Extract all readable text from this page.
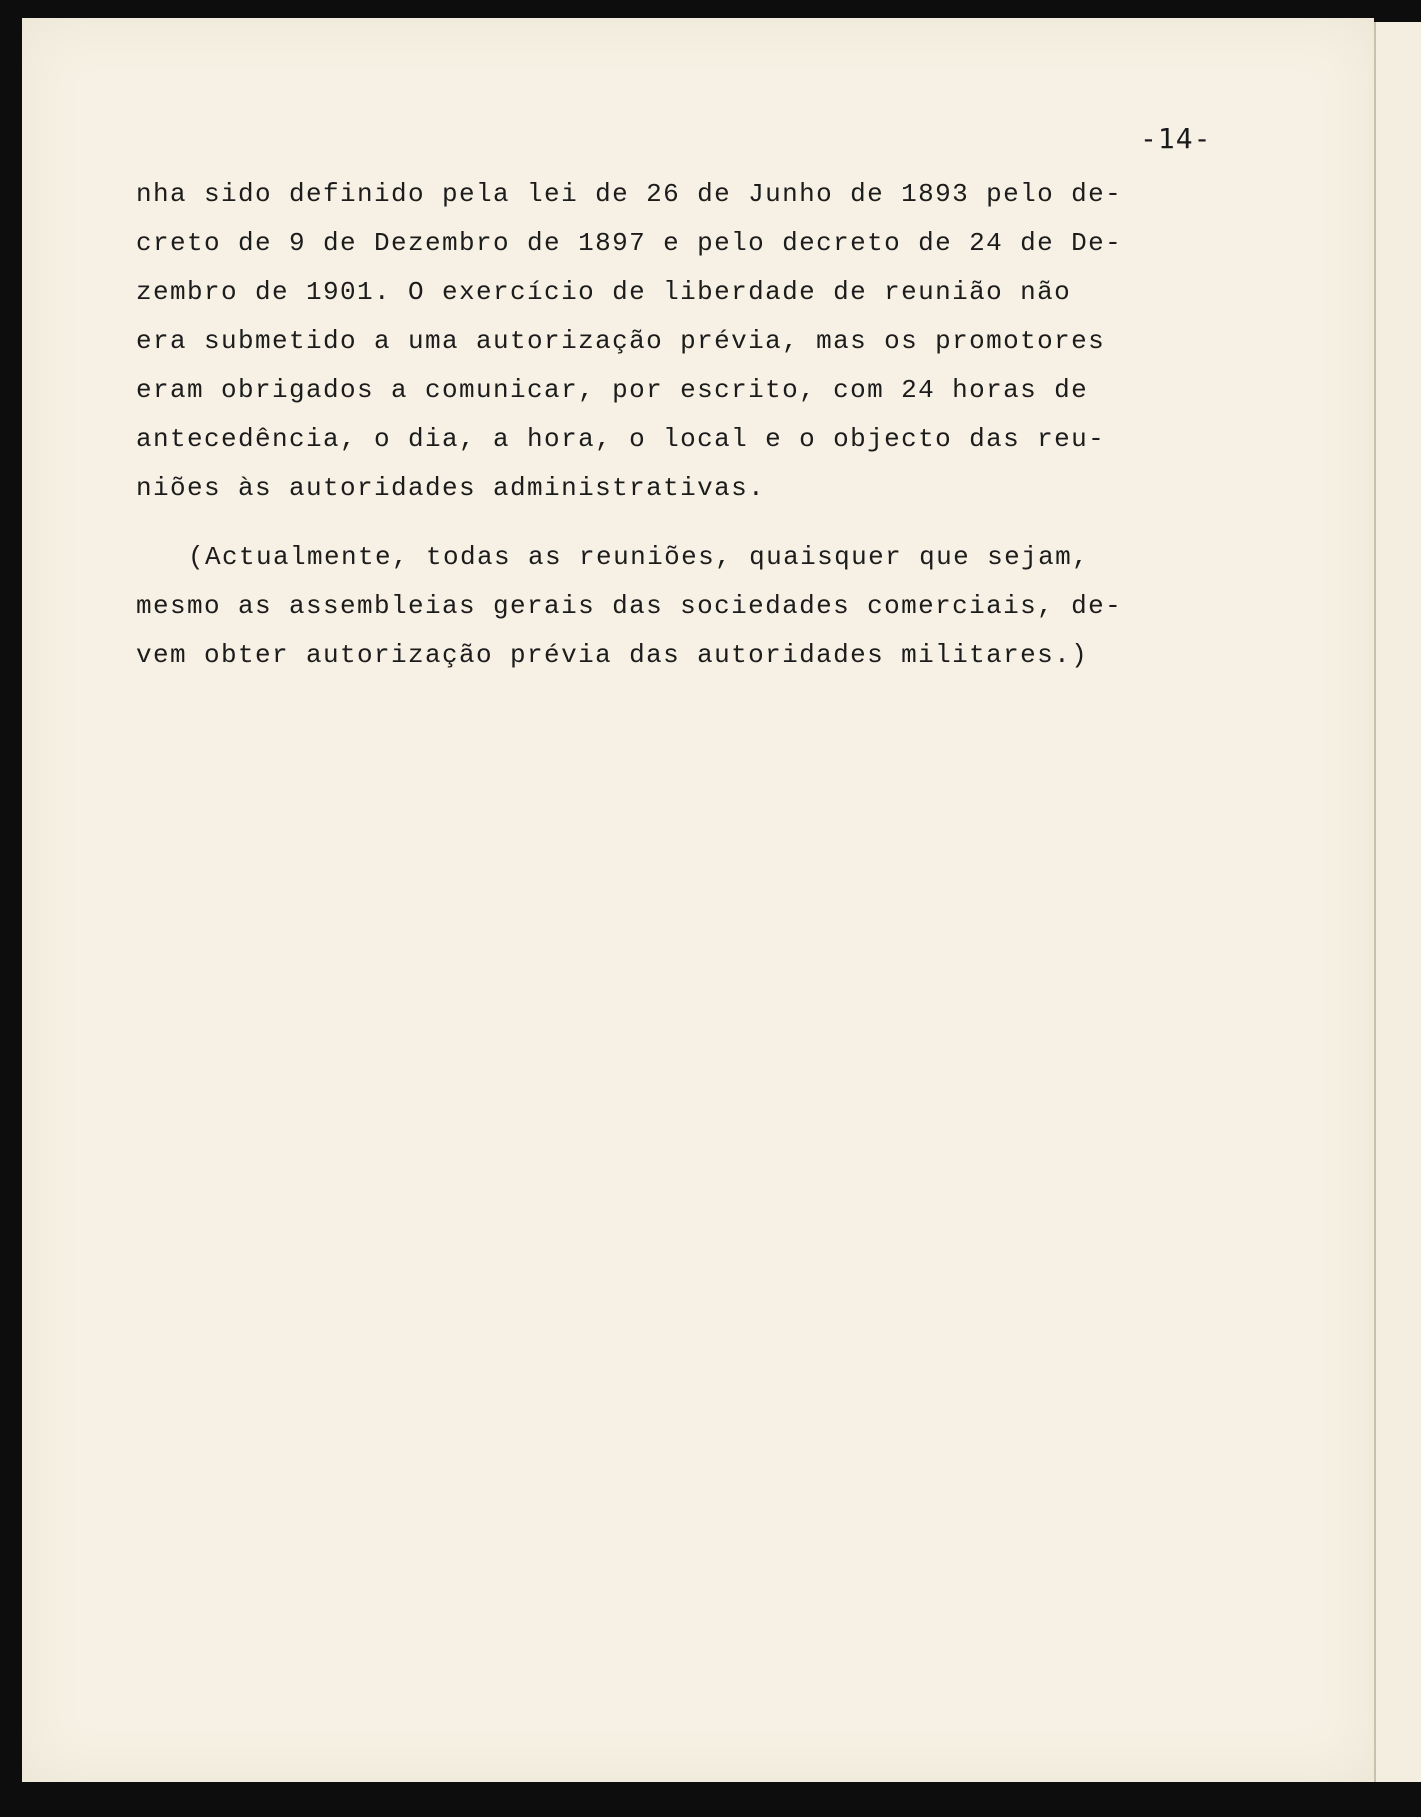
-14-
nha sido definido pela lei de 26 de Junho de 1893 pelo de-
creto de 9 de Dezembro de 1897 e pelo decreto de 24 de De-
zembro de 1901. O exercício de liberdade de reunião não
era submetido a uma autorização prévia, mas os promotores
eram obrigados a comunicar, por escrito, com 24 horas de
antecedência, o dia, a hora, o local e o objecto das reu-
niões às autoridades administrativas.
(Actualmente, todas as reuniões, quaisquer que sejam,
mesmo as assembleias gerais das sociedades comerciais, de-
vem obter autorização prévia das autoridades militares.)
